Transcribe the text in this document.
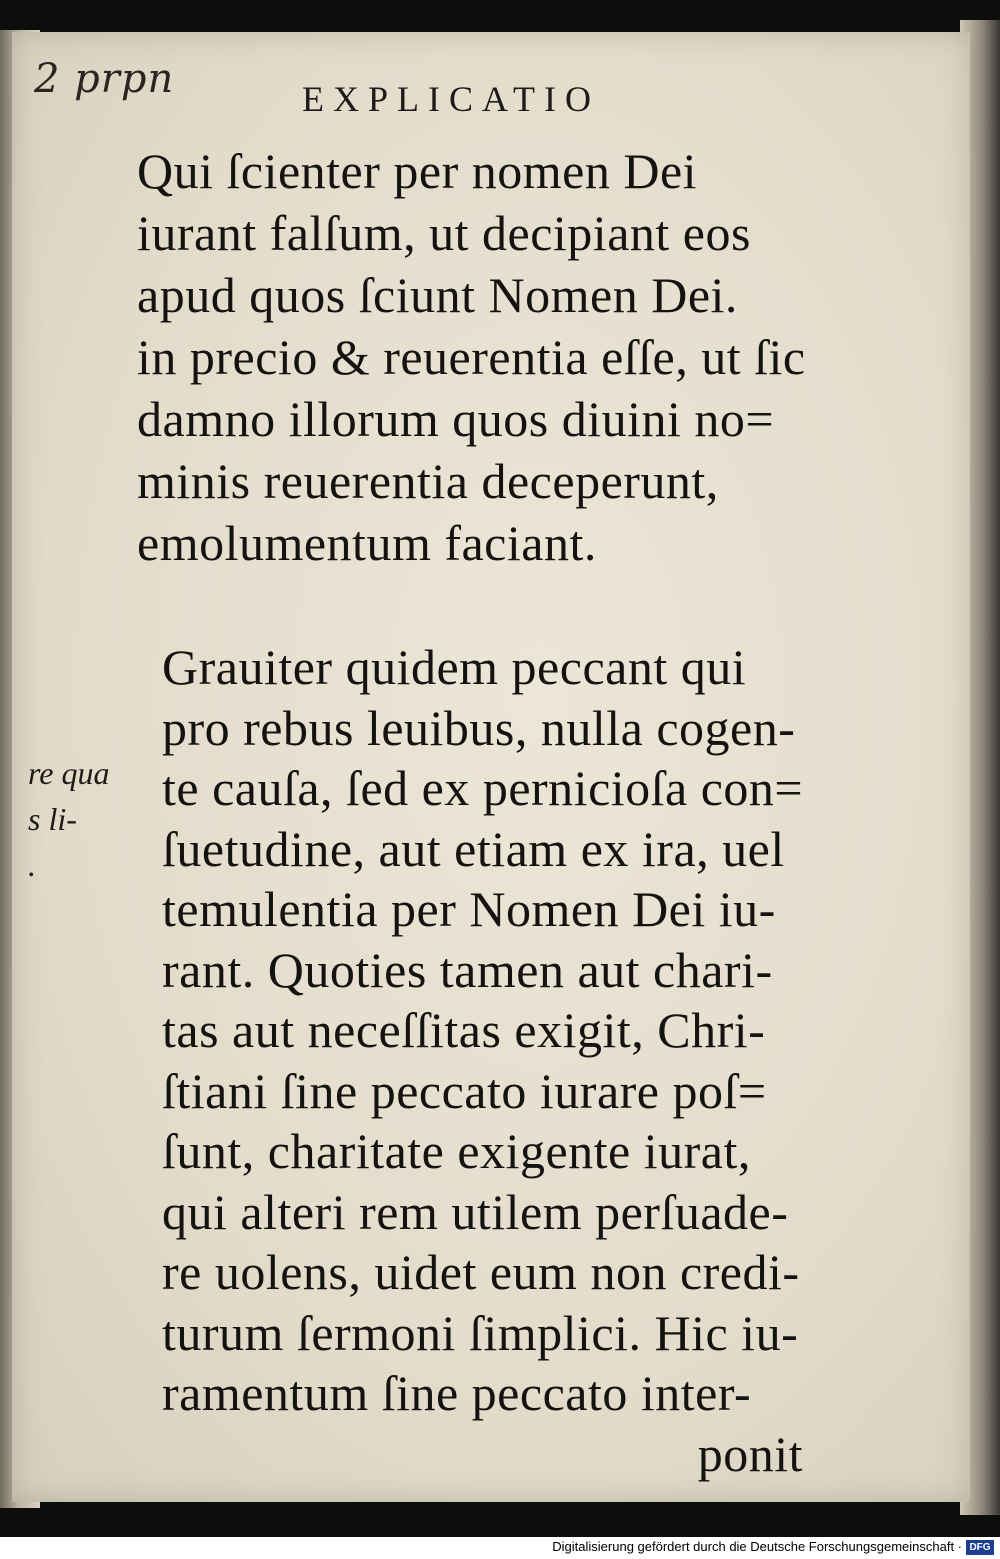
2 prpn	EXPLICATIO
re qua
s li-
.
Qui ſcienter per nomen Dei
iurant falſum, ut decipiant eos
apud quos ſciunt Nomen Dei.
in precio & reuerentia eſſe, ut ſic
damno illorum quos diuini no=
minis reuerentia deceperunt,
emolumentum faciant.
Grauiter quidem peccant qui
pro rebus leuibus, nulla cogen-
te cauſa, ſed ex pernicioſa con=
ſuetudine, aut etiam ex ira, uel
temulentia per Nomen Dei iu-
rant. Quoties tamen aut chari-
tas aut neceſſitas exigit, Chri-
ſtiani ſine peccato iurare poſ=
ſunt, charitate exigente iurat,
qui alteri rem utilem perſuade-
re uolens, uidet eum non credi-
turum ſermoni ſimplici. Hic iu-
ramentum ſine peccato inter-
ponit
Digitalisierung gefördert durch die Deutsche Forschungsgemeinschaft · DFG
